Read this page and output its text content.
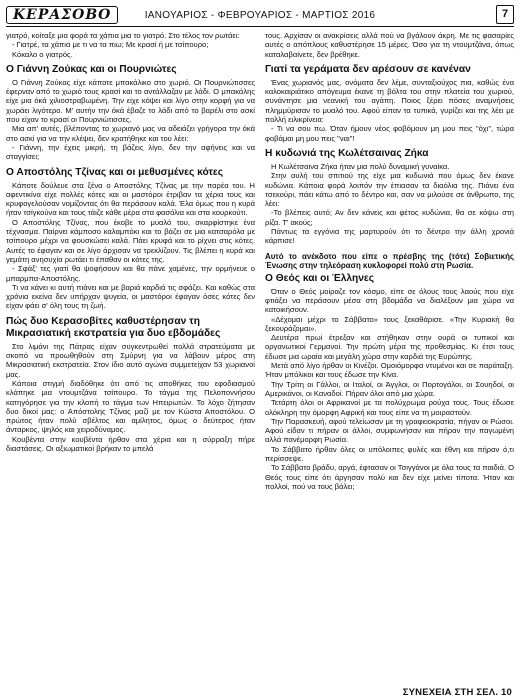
ΚΕΡΑΣΟΒΟ	ΙΑΝΟΥΑΡΙΟΣ - ΦΕΒΡΟΥΑΡΙΟΣ - ΜΑΡΤΙΟΣ 2016	7

γιατρό, κοίταξε μια φορά τα χάπια μια το γιατρό. Στο τέλος τον ρωτάει:

- Γιατρέ, τα χάπια με τι να τα πιω; Με κρασί ή με τσίπουρο;

Κόκαλο ο γιατρός.

Ο Γιάννη Ζούκας και οι Πουρνιώτες

Ο Γιάννη Ζούκας είχε κάποτε μπακάλικο στο χωριό. Οι Πουρνιώτισσες έφερναν από το χωριό τους κρασί και το αντάλλαζαν με λάδι. Ο μπακάλης είχε μια όκά χιλιοστραβωμένη. Την είχε κόψει και λίγο στην κορφή για να χωράει λιγότερο. Μ' αυτήν την όκά έβαζε το λάδι από το βαρέλι στο ασκί που είχαν το κρασί οι Πουρνιώτισσες.

Μια απ' αυτές, βλέποντας το χωριανό μας να αδειάζει γρήγορα την όκά στο ασκί για να την κλέψει, δεν κρατήθηκε και του λέει:

- Γιάννη, την έχεις μικρή, τη βάζεις λίγο, δεν την αφήνεις και να σταγγίσει;

Ο Αποστόλης Τζίνας και οι μεθυσμένες κότες

Κάποτε δούλευε στα ξένα ο Αποστόλης Τζίνας με την παρέα του. Η αφεντικίνα είχε πολλές κότες και οι μαστόροι έτριβαν τα χέρια τους και κρυφογελούσαν νομίζοντας ότι θα περάσουν καλά. Έλα όμως που η κυρά ήταν τσίγκούνα και τους τάιζε κάθε μέρα στα φασόλια και στα κουρκούτι.

Ο Αποστόλης Τζίνας, που έκοβε το μυαλό του, σκαρφίστηκε ένα τέχνασμα. Παίρνει κάμποσο καλαμπόκι και το βάζει σε μια κατσαρόλα με τσίπουρο μέχρι να φουσκώσει καλά. Πάει κρυφά και το ρίχνει στις κότες. Αυτές το έφαγαν και σε λίγο άρχισαν να τρεκλίζουν. Τις βλέπει η κυρά και γεμάτη ανησυχία ρωτάει τι έπαθαν οι κότες της.

- Σφάξ' τες γιατί θα ψοφήσουν και θα πάνε χαμένες, την ορμήνευε ο μπαρμπα-Αποστόλης.

Τι να κάνει κι αυτή πιάνει και με βαριά καρδιά τις σφάζει. Και καθώς στα χρόνια εκείνα δεν υπήρχαν ψυγεία, οι μαστόροι έφαγαν όσες κότες δεν είχαν φάει σ' όλη τους τη ζωή.

Πώς δυο Κερασοβίτες καθυστέρησαν τη Μικρασιατική εκστρατεία για δυο εβδομάδες

Στο λιμάνι της Πάτρας είχαν συγκεντρωθεί πολλά στρατεύματα με σκοπό να προωθηθούν στη Σμύρνη για να λάβουν μέρος στη Μικρασιατική εκστρατεία. Στον ίδιο αυτό αγώνα συμμετείχαν 53 χωριανοί μας.

Κάποια στιγμή διαδόθηκε ότι από τις αποθήκες του εφοδιασμού κλάπηκε μια ντουμτζάνα τσίπουρο. Το τάγμα της Πελοποννήσου κατηγόρησε για την κλοπή το τάγμα των Ηπειρωτών. Το λόχο ζήτησαν δυο δικοί μας: ο Απόστολης Τζίνας μαζί με τον Κώστα Αποστόλου. Ο πρώτος ήταν πολύ σβέλτος και αμίλητος, όμως ο δεύτερος ήταν άνταρκος, ψηλός και χειροδύναμος.

Κουβέντα στην κουβέντα ήρθαν στα χέρια και η σύρραξη πήρε διαστάσεις. Οι αξιωματικοί βρήκαν το μπελά

τους. Αρχίσαν οι ανακρίσεις αλλά πού να βγάλουν άκρη. Με τις φασαρίες αυτές ο απόπλους καθυστέρησε 15 μέρες. Όσο για τη ντουμτζάνα, όπως καταλαβαίνετε, δεν βρέθηκε.

Γιατί τα γεράματα δεν αρέσουν σε κανέναν

Ένας χωριανός μας, ονόματα δεν λέμε, συνταξιούχος πια, καθώς ένα καλοκαιριάτικο απόγευμα έκανε τη βόλτα του στην πλατεία του χωριού, συνάντησε μια νεανική του αγάπη. Ποιος ξέρει πόσες αναμνήσεις πλημμύρισαν το μυαλό του. Αφού είπαν τα τυπικά, γυρίζει και της λέει με πολλή ειλικρίνεια:

- Τι να σου πω. Όταν ήμουν νέος φοβόμουν μη μου πεις "όχι", τώρα φοβάμαι μη μου πεις "ναι"!

Η κυδωνιά της Κωλέτσαινας Ζήκα

Η Κωλέτσαινα Ζήκα ήταν μια πολύ δυναμική γυναίκα.

Στην αυλή του σπιτιού της είχε μια κυδωνιά που όμως δεν έκανε κυδώνια. Κάποια φορά λοιπόν την έπιασαν τα διαόλια της. Πιάνει ένα τσεκούρι, πάει κάτω από το δέντρο και, σαν να μιλούσε σε άνθρωπο, της λέει:

-Το βλέπεις αυτό; Αν δεν κάνεις και φέτος κυδώνια, θα σε κόψω στη ρίζα. Τ' ακούς;

Πάντως τα εγγόνια της μαρτυρούν ότι το δέντρο την άλλη χρονιά κάρπισε!

Αυτό το ανέκδοτο που είπε ο πρέσβης της (τότε) Σοβιετικής Ένωσης στην τηλεόραση κυκλοφορεί πολύ στη Ρωσία.
Ο Θεός και οι Έλληνες

Όταν ο Θεός μοίραζε τον κόσμο, είπε σε όλους τους λαούς που είχε φτιάξει να περάσουν μέσα στη βδομάδα να διαλέξουν μια χώρα να κατοικήσουν.

«Δέχομαι μέχρι το Σάββατο» τους ξεκαθάρισε. «Την Κυριακή θα ξεκουράζομαι».

Δευτέρα πρωί έτρεξαν και στήθηκαν στην ουρά οι τυπικοί και οργανωτικοί Γερμανοί. Την πρώτη μέρα της προθεσμίας. Κι έτσι τους έδωσε μια ωραία και μεγάλη χώρα στην καρδιά της Ευρώπης.

Μετά από λίγο ήρθαν οι Κινέζοι. Ομοιόμορφα ντυμένοι και σε παράταξη. Ήταν μπόλικοι και τους έδωσε την Κίνα.

Την Τρίτη οι Γάλλοι, οι Ιταλοί, οι Άγγλοι, οι Πορτογάλοι, οι Σουηδοί, οι Αμερικάνοι, οι Καναδοί. Πήραν όλοι από μια χώρα.

Τετάρτη όλοι οι Αφρικανοί με τα πολύχρωμα ρούχα τους. Τους έδωσε ολόκληρη την όμορφη Αφρική και τους είπε να τη μοιραστούν.

Την Παρασκευή, αφού τελείωσαν με τη γραφειοκρατία, πήγαν οι Ρώσοι. Αφού είδαν τι πήραν οι άλλοι, συμφωνήσαν και πήραν την παγωμένη αλλά πανέμορφη Ρωσία.

Το Σάββατο ήρθαν όλες οι υπόλοιπες φυλές και έθνη και πήραν ό,τι περίσσεψε.

Το Σάββατο βράδυ, αργά, έφτασαν οι Τσιγγάνοι με όλα τους τα παιδιά. Ο Θεός τους είπε ότι άργησαν πολύ και δεν είχε μείνει τίποτα. Ήταν και πολλοί, πού να τους βάλει;

ΣΥΝΕΧΕΙΑ ΣΤΗ ΣΕΛ. 10
